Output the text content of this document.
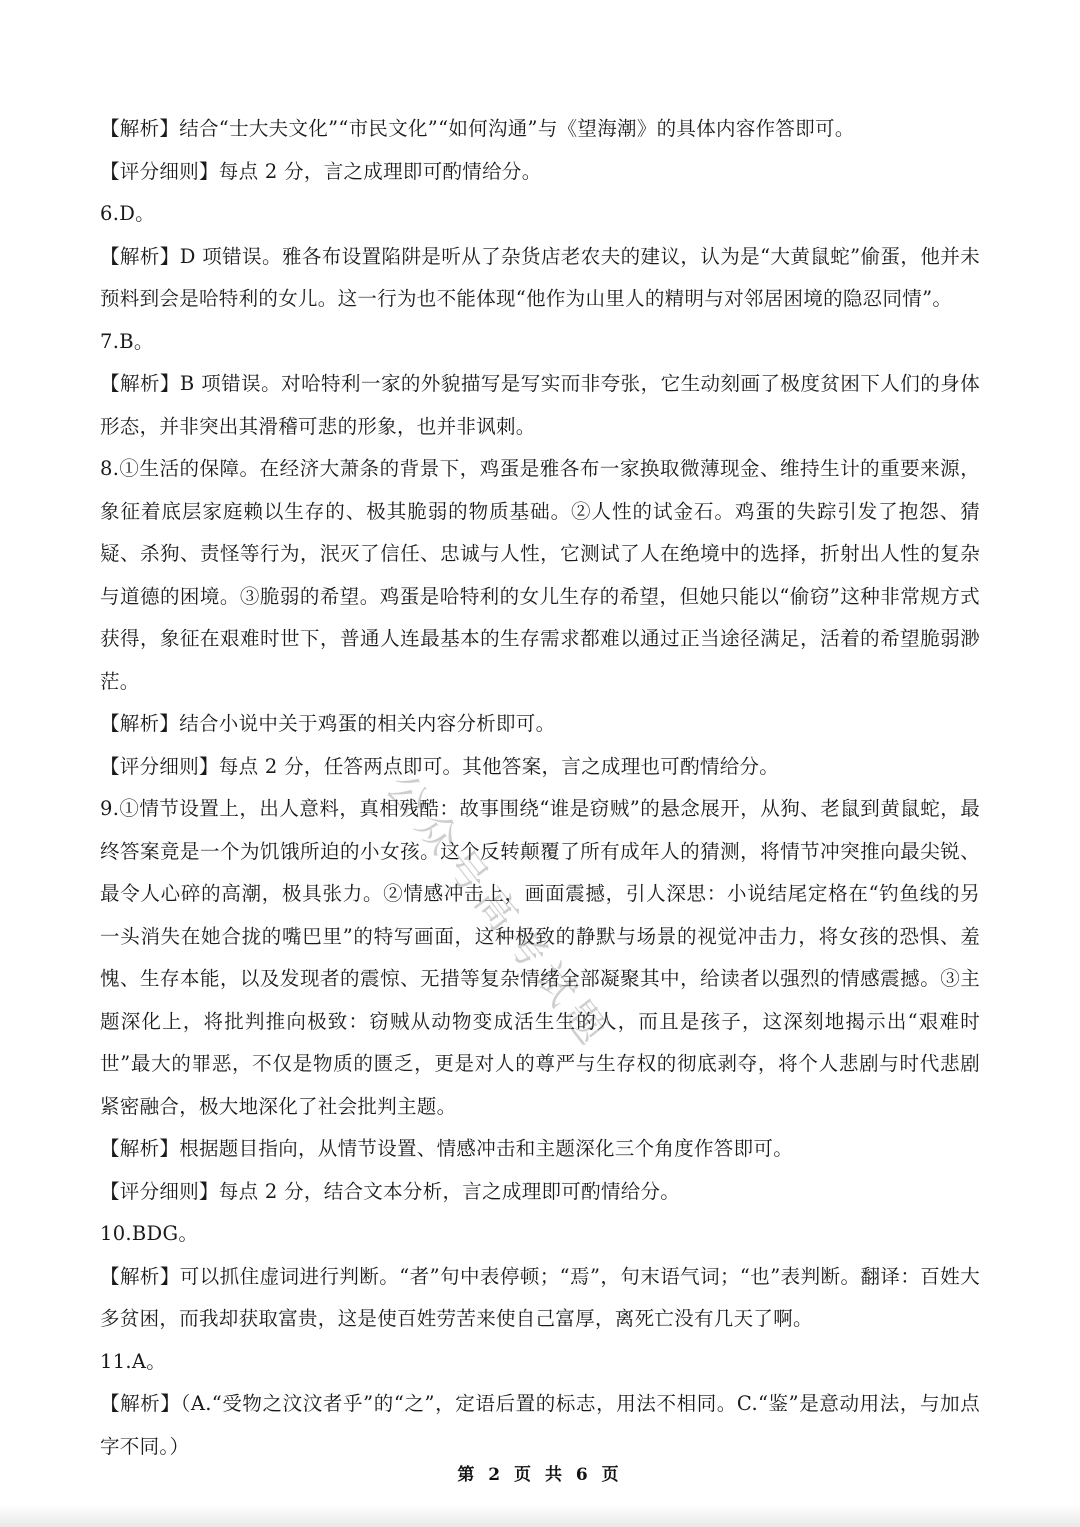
【解析】结合“士大夫文化”“市民文化”“如何沟通”与《望海潮》的具体内容作答即可。

【评分细则】每点 2 分，言之成理即可酌情给分。

6.D。

【解析】D 项错误。雅各布设置陷阱是听从了杂货店老农夫的建议，认为是“大黄鼠蛇”偷蛋，他并未预料到会是哈特利的女儿。这一行为也不能体现“他作为山里人的精明与对邻居困境的隐忍同情”。

7.B。

【解析】B 项错误。对哈特利一家的外貌描写是写实而非夸张，它生动刻画了极度贫困下人们的身体形态，并非突出其滑稽可悲的形象，也并非讽刺。

8.①生活的保障。在经济大萧条的背景下，鸡蛋是雅各布一家换取微薄现金、维持生计的重要来源，象征着底层家庭赖以生存的、极其脆弱的物质基础。②人性的试金石。鸡蛋的失踪引发了抱怨、猜疑、杀狗、责怪等行为，泯灭了信任、忠诚与人性，它测试了人在绝境中的选择，折射出人性的复杂与道德的困境。③脆弱的希望。鸡蛋是哈特利的女儿生存的希望，但她只能以“偷窃”这种非常规方式获得，象征在艰难时世下，普通人连最基本的生存需求都难以通过正当途径满足，活着的希望脆弱渺茫。

【解析】结合小说中关于鸡蛋的相关内容分析即可。

【评分细则】每点 2 分，任答两点即可。其他答案，言之成理也可酌情给分。

9.①情节设置上，出人意料，真相残酷：故事围绕“谁是窃贼”的悬念展开，从狗、老鼠到黄鼠蛇，最终答案竟是一个为饥饿所迫的小女孩。这个反转颠覆了所有成年人的猜测，将情节冲突推向最尖锐、最令人心碎的高潮，极具张力。②情感冲击上，画面震撼，引人深思：小说结尾定格在“钓鱼线的另一头消失在她合拢的嘴巴里”的特写画面，这种极致的静默与场景的视觉冲击力，将女孩的恐惧、羞愧、生存本能，以及发现者的震惊、无措等复杂情绪全部凝聚其中，给读者以强烈的情感震撼。③主题深化上，将批判推向极致：窃贼从动物变成活生生的人，而且是孩子，这深刻地揭示出“艰难时世”最大的罪恶，不仅是物质的匮乏，更是对人的尊严与生存权的彻底剥夺，将个人悲剧与时代悲剧紧密融合，极大地深化了社会批判主题。

【解析】根据题目指向，从情节设置、情感冲击和主题深化三个角度作答即可。

【评分细则】每点 2 分，结合文本分析，言之成理即可酌情给分。

10.BDG。

【解析】可以抓住虚词进行判断。“者”句中表停顿；“焉”，句末语气词；“也”表判断。翻译：百姓大多贫困，而我却获取富贵，这是使百姓劳苦来使自己富厚，离死亡没有几天了啊。

11.A。

【解析】（A.“受物之汶汶者乎”的“之”，定语后置的标志，用法不相同。C.“鉴”是意动用法，与加点字不同。）

公众号高考试题
第 2 页 共 6 页
